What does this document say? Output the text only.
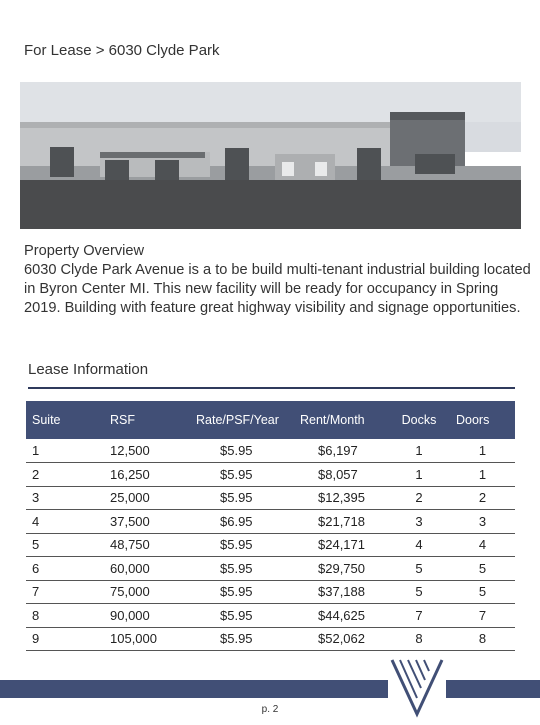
For Lease > 6030 Clyde Park
Property Overview
6030 Clyde Park Avenue is a to be build multi-tenant industrial building located in Byron Center MI. This new facility will be ready for occupancy in Spring 2019. Building with feature great highway visibility and signage opportunities.
Lease Information
Suite	RSF	Rate/PSF/Year	Rent/Month	Docks	Doors
1	12,500	$5.95	$6,197	1	1
2	16,250	$5.95	$8,057	1	1
3	25,000	$5.95	$12,395	2	2
4	37,500	$6.95	$21,718	3	3
5	48,750	$5.95	$24,171	4	4
6	60,000	$5.95	$29,750	5	5
7	75,000	$5.95	$37,188	5	5
8	90,000	$5.95	$44,625	7	7
9	105,000	$5.95	$52,062	8	8
p. 2
